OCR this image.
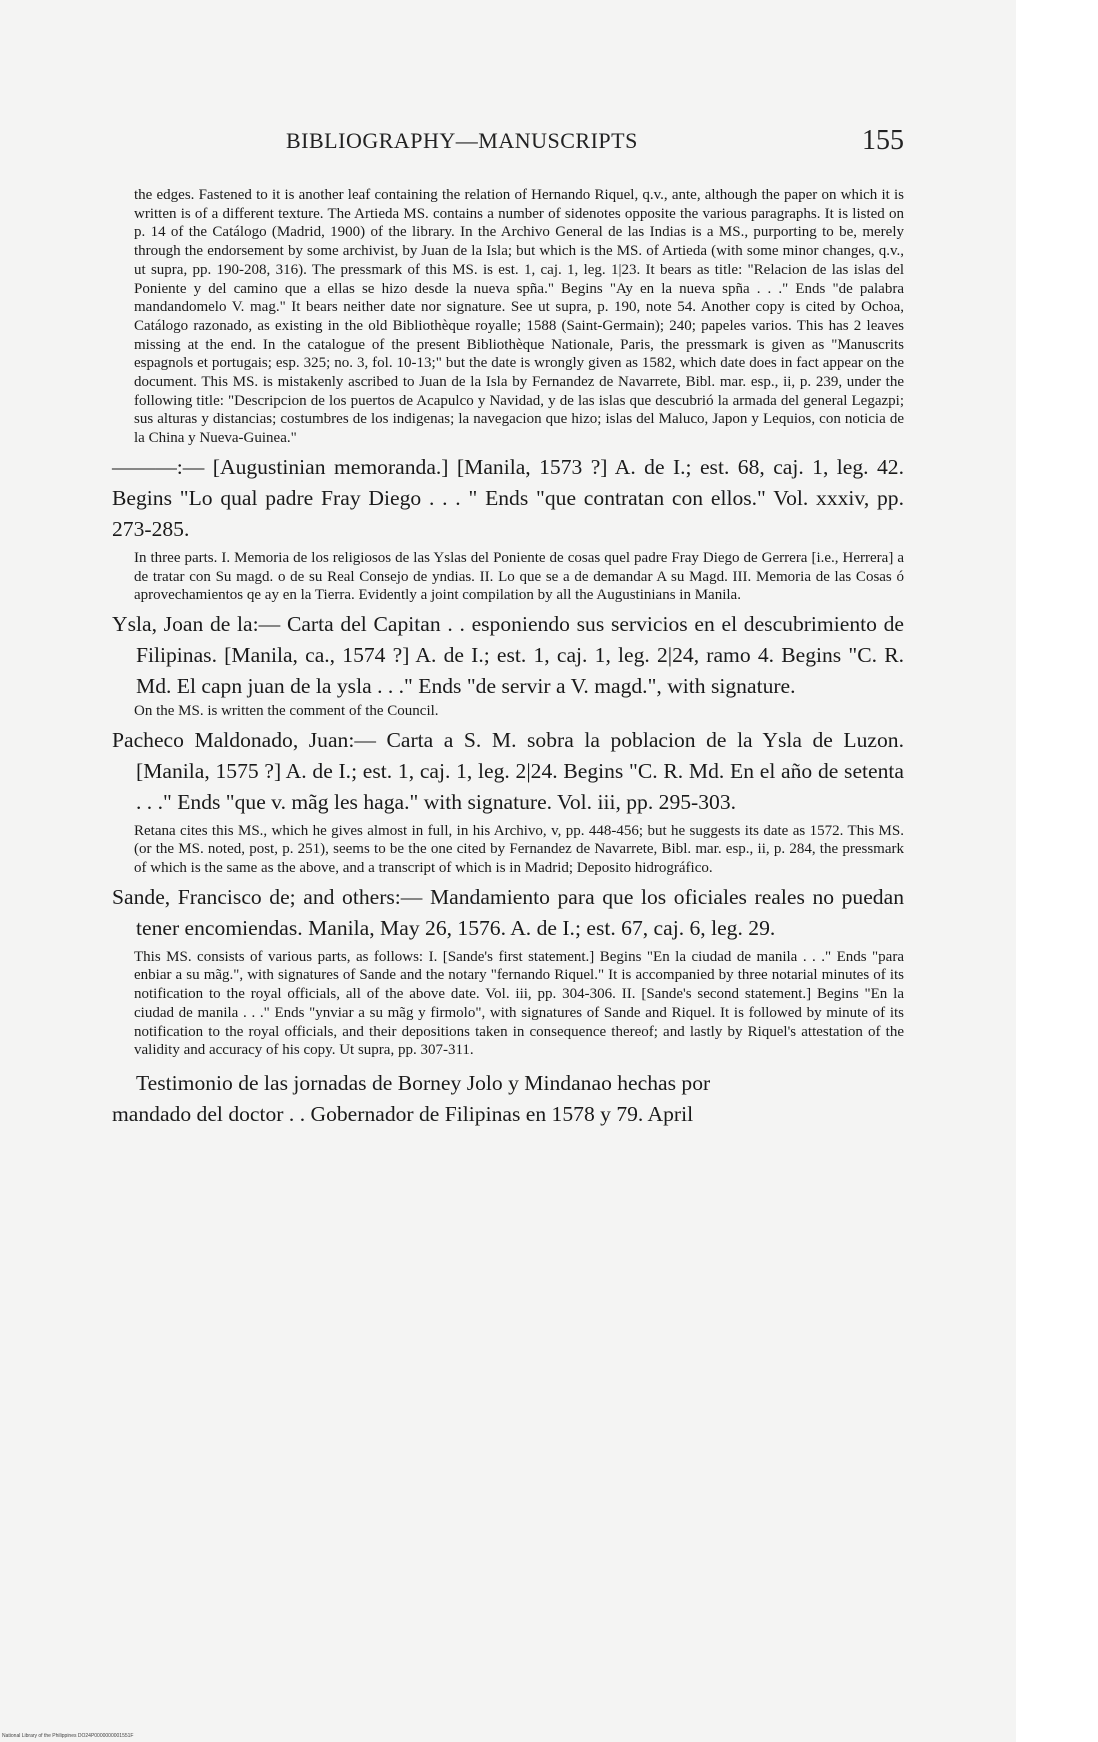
BIBLIOGRAPHY—MANUSCRIPTS	155

the edges. Fastened to it is another leaf containing the relation of Hernando Riquel, q.v., ante, although the paper on which it is written is of a different texture. The Artieda MS. contains a number of sidenotes opposite the various paragraphs. It is listed on p. 14 of the Catálogo (Madrid, 1900) of the library. In the Archivo General de las Indias is a MS., purporting to be, merely through the endorsement by some archivist, by Juan de la Isla; but which is the MS. of Artieda (with some minor changes, q.v., ut supra, pp. 190-208, 316). The pressmark of this MS. is est. 1, caj. 1, leg. 1|23. It bears as title: "Relacion de las islas del Poniente y del camino que a ellas se hizo desde la nueva spña." Begins "Ay en la nueva spña . . ." Ends "de palabra mandandomelo V. mag." It bears neither date nor signature. See ut supra, p. 190, note 54. Another copy is cited by Ochoa, Catálogo razonado, as existing in the old Bibliothèque royalle; 1588 (Saint-Germain); 240; papeles varios. This has 2 leaves missing at the end. In the catalogue of the present Bibliothèque Nationale, Paris, the pressmark is given as "Manuscrits espagnols et portugais; esp. 325; no. 3, fol. 10-13;" but the date is wrongly given as 1582, which date does in fact appear on the document. This MS. is mistakenly ascribed to Juan de la Isla by Fernandez de Navarrete, Bibl. mar. esp., ii, p. 239, under the following title: "Descripcion de los puertos de Acapulco y Navidad, y de las islas que descubrió la armada del general Legazpi; sus alturas y distancias; costumbres de los indigenas; la navegacion que hizo; islas del Maluco, Japon y Lequios, con noticia de la China y Nueva-Guinea."

———:— [Augustinian memoranda.] [Manila, 1573 ?] A. de I.; est. 68, caj. 1, leg. 42. Begins "Lo qual padre Fray Diego . . . " Ends "que contratan con ellos." Vol. xxxiv, pp. 273-285.

In three parts. I. Memoria de los religiosos de las Yslas del Poniente de cosas quel padre Fray Diego de Gerrera [i.e., Herrera] a de tratar con Su magd. o de su Real Consejo de yndias. II. Lo que se a de demandar A su Magd. III. Memoria de las Cosas ó aprovechamientos qe ay en la Tierra. Evidently a joint compilation by all the Augustinians in Manila.

Ysla, Joan de la:— Carta del Capitan . . esponiendo sus servicios en el descubrimiento de Filipinas. [Manila, ca., 1574 ?] A. de I.; est. 1, caj. 1, leg. 2|24, ramo 4. Begins "C. R. Md. El capn juan de la ysla . . ." Ends "de servir a V. magd.", with signature.

On the MS. is written the comment of the Council.

Pacheco Maldonado, Juan:— Carta a S. M. sobra la poblacion de la Ysla de Luzon. [Manila, 1575 ?] A. de I.; est. 1, caj. 1, leg. 2|24. Begins "C. R. Md. En el año de setenta . . ." Ends "que v. mãg les haga." with signature. Vol. iii, pp. 295-303.

Retana cites this MS., which he gives almost in full, in his Archivo, v, pp. 448-456; but he suggests its date as 1572. This MS. (or the MS. noted, post, p. 251), seems to be the one cited by Fernandez de Navarrete, Bibl. mar. esp., ii, p. 284, the pressmark of which is the same as the above, and a transcript of which is in Madrid; Deposito hidrográfico.

Sande, Francisco de; and others:— Mandamiento para que los oficiales reales no puedan tener encomiendas. Manila, May 26, 1576. A. de I.; est. 67, caj. 6, leg. 29.

This MS. consists of various parts, as follows: I. [Sande's first statement.] Begins "En la ciudad de manila . . ." Ends "para enbiar a su mãg.", with signatures of Sande and the notary "fernando Riquel." It is accompanied by three notarial minutes of its notification to the royal officials, all of the above date. Vol. iii, pp. 304-306. II. [Sande's second statement.] Begins "En la ciudad de manila . . ." Ends "ynviar a su mãg y firmolo", with signatures of Sande and Riquel. It is followed by minute of its notification to the royal officials, and their depositions taken in consequence thereof; and lastly by Riquel's attestation of the validity and accuracy of his copy. Ut supra, pp. 307-311.

Testimonio de las jornadas de Borney Jolo y Mindanao hechas por

mandado del doctor . . Gobernador de Filipinas en 1578 y 79. April

National Library of the Philippines DO24P0000000001551F
